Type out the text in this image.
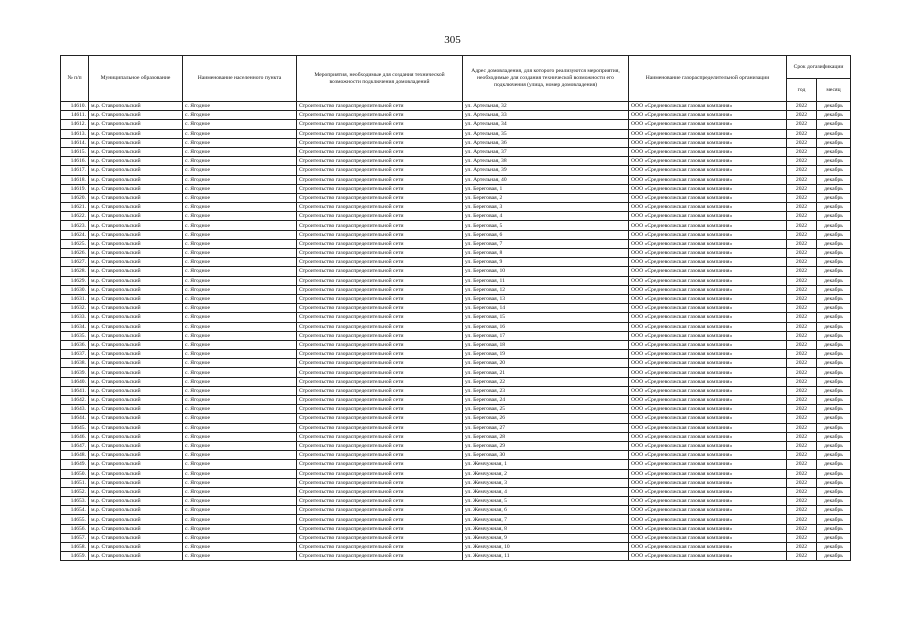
305
№ п/п	Муниципальное образование	Наименование населенного пункта	Мероприятия, необходимые для создания технической возможности подключения домовладений	Адрес домовладения, для которого реализуются мероприятия, необходимые для создания технической возможности его подключения (улица, номер домовладения)	Наименование газораспределительной организации	Срок догазификации	
						год	месяц
14610.	м.р. Ставропольский	с. Ягодное	Строительство газораспределительной сети	ул. Артельная, 32	ООО «Средневолжская газовая компания»	2022	декабрь
14611.	м.р. Ставропольский	с. Ягодное	Строительство газораспределительной сети	ул. Артельная, 33	ООО «Средневолжская газовая компания»	2022	декабрь
14612.	м.р. Ставропольский	с. Ягодное	Строительство газораспределительной сети	ул. Артельная, 34	ООО «Средневолжская газовая компания»	2022	декабрь
14613.	м.р. Ставропольский	с. Ягодное	Строительство газораспределительной сети	ул. Артельная, 35	ООО «Средневолжская газовая компания»	2022	декабрь
14614.	м.р. Ставропольский	с. Ягодное	Строительство газораспределительной сети	ул. Артельная, 36	ООО «Средневолжская газовая компания»	2022	декабрь
14615.	м.р. Ставропольский	с. Ягодное	Строительство газораспределительной сети	ул. Артельная, 37	ООО «Средневолжская газовая компания»	2022	декабрь
14616.	м.р. Ставропольский	с. Ягодное	Строительство газораспределительной сети	ул. Артельная, 38	ООО «Средневолжская газовая компания»	2022	декабрь
14617.	м.р. Ставропольский	с. Ягодное	Строительство газораспределительной сети	ул. Артельная, 39	ООО «Средневолжская газовая компания»	2022	декабрь
14618.	м.р. Ставропольский	с. Ягодное	Строительство газораспределительной сети	ул. Артельная, 40	ООО «Средневолжская газовая компания»	2022	декабрь
14619.	м.р. Ставропольский	с. Ягодное	Строительство газораспределительной сети	ул. Береговая, 1	ООО «Средневолжская газовая компания»	2022	декабрь
14620.	м.р. Ставропольский	с. Ягодное	Строительство газораспределительной сети	ул. Береговая, 2	ООО «Средневолжская газовая компания»	2022	декабрь
14621.	м.р. Ставропольский	с. Ягодное	Строительство газораспределительной сети	ул. Береговая, 3	ООО «Средневолжская газовая компания»	2022	декабрь
14622.	м.р. Ставропольский	с. Ягодное	Строительство газораспределительной сети	ул. Береговая, 4	ООО «Средневолжская газовая компания»	2022	декабрь
14623.	м.р. Ставропольский	с. Ягодное	Строительство газораспределительной сети	ул. Береговая, 5	ООО «Средневолжская газовая компания»	2022	декабрь
14624.	м.р. Ставропольский	с. Ягодное	Строительство газораспределительной сети	ул. Береговая, 6	ООО «Средневолжская газовая компания»	2022	декабрь
14625.	м.р. Ставропольский	с. Ягодное	Строительство газораспределительной сети	ул. Береговая, 7	ООО «Средневолжская газовая компания»	2022	декабрь
14626.	м.р. Ставропольский	с. Ягодное	Строительство газораспределительной сети	ул. Береговая, 8	ООО «Средневолжская газовая компания»	2022	декабрь
14627.	м.р. Ставропольский	с. Ягодное	Строительство газораспределительной сети	ул. Береговая, 9	ООО «Средневолжская газовая компания»	2022	декабрь
14628.	м.р. Ставропольский	с. Ягодное	Строительство газораспределительной сети	ул. Береговая, 10	ООО «Средневолжская газовая компания»	2022	декабрь
14629.	м.р. Ставропольский	с. Ягодное	Строительство газораспределительной сети	ул. Береговая, 11	ООО «Средневолжская газовая компания»	2022	декабрь
14630.	м.р. Ставропольский	с. Ягодное	Строительство газораспределительной сети	ул. Береговая, 12	ООО «Средневолжская газовая компания»	2022	декабрь
14631.	м.р. Ставропольский	с. Ягодное	Строительство газораспределительной сети	ул. Береговая, 13	ООО «Средневолжская газовая компания»	2022	декабрь
14632.	м.р. Ставропольский	с. Ягодное	Строительство газораспределительной сети	ул. Береговая, 14	ООО «Средневолжская газовая компания»	2022	декабрь
14633.	м.р. Ставропольский	с. Ягодное	Строительство газораспределительной сети	ул. Береговая, 15	ООО «Средневолжская газовая компания»	2022	декабрь
14634.	м.р. Ставропольский	с. Ягодное	Строительство газораспределительной сети	ул. Береговая, 16	ООО «Средневолжская газовая компания»	2022	декабрь
14635.	м.р. Ставропольский	с. Ягодное	Строительство газораспределительной сети	ул. Береговая, 17	ООО «Средневолжская газовая компания»	2022	декабрь
14636.	м.р. Ставропольский	с. Ягодное	Строительство газораспределительной сети	ул. Береговая, 18	ООО «Средневолжская газовая компания»	2022	декабрь
14637.	м.р. Ставропольский	с. Ягодное	Строительство газораспределительной сети	ул. Береговая, 19	ООО «Средневолжская газовая компания»	2022	декабрь
14638.	м.р. Ставропольский	с. Ягодное	Строительство газораспределительной сети	ул. Береговая, 20	ООО «Средневолжская газовая компания»	2022	декабрь
14639.	м.р. Ставропольский	с. Ягодное	Строительство газораспределительной сети	ул. Береговая, 21	ООО «Средневолжская газовая компания»	2022	декабрь
14640.	м.р. Ставропольский	с. Ягодное	Строительство газораспределительной сети	ул. Береговая, 22	ООО «Средневолжская газовая компания»	2022	декабрь
14641.	м.р. Ставропольский	с. Ягодное	Строительство газораспределительной сети	ул. Береговая, 23	ООО «Средневолжская газовая компания»	2022	декабрь
14642.	м.р. Ставропольский	с. Ягодное	Строительство газораспределительной сети	ул. Береговая, 24	ООО «Средневолжская газовая компания»	2022	декабрь
14643.	м.р. Ставропольский	с. Ягодное	Строительство газораспределительной сети	ул. Береговая, 25	ООО «Средневолжская газовая компания»	2022	декабрь
14644.	м.р. Ставропольский	с. Ягодное	Строительство газораспределительной сети	ул. Береговая, 26	ООО «Средневолжская газовая компания»	2022	декабрь
14645.	м.р. Ставропольский	с. Ягодное	Строительство газораспределительной сети	ул. Береговая, 27	ООО «Средневолжская газовая компания»	2022	декабрь
14646.	м.р. Ставропольский	с. Ягодное	Строительство газораспределительной сети	ул. Береговая, 28	ООО «Средневолжская газовая компания»	2022	декабрь
14647.	м.р. Ставропольский	с. Ягодное	Строительство газораспределительной сети	ул. Береговая, 29	ООО «Средневолжская газовая компания»	2022	декабрь
14648.	м.р. Ставропольский	с. Ягодное	Строительство газораспределительной сети	ул. Береговая, 30	ООО «Средневолжская газовая компания»	2022	декабрь
14649.	м.р. Ставропольский	с. Ягодное	Строительство газораспределительной сети	ул. Жемчужная, 1	ООО «Средневолжская газовая компания»	2022	декабрь
14650.	м.р. Ставропольский	с. Ягодное	Строительство газораспределительной сети	ул. Жемчужная, 2	ООО «Средневолжская газовая компания»	2022	декабрь
14651.	м.р. Ставропольский	с. Ягодное	Строительство газораспределительной сети	ул. Жемчужная, 3	ООО «Средневолжская газовая компания»	2022	декабрь
14652.	м.р. Ставропольский	с. Ягодное	Строительство газораспределительной сети	ул. Жемчужная, 4	ООО «Средневолжская газовая компания»	2022	декабрь
14653.	м.р. Ставропольский	с. Ягодное	Строительство газораспределительной сети	ул. Жемчужная, 5	ООО «Средневолжская газовая компания»	2022	декабрь
14654.	м.р. Ставропольский	с. Ягодное	Строительство газораспределительной сети	ул. Жемчужная, 6	ООО «Средневолжская газовая компания»	2022	декабрь
14655.	м.р. Ставропольский	с. Ягодное	Строительство газораспределительной сети	ул. Жемчужная, 7	ООО «Средневолжская газовая компания»	2022	декабрь
14656.	м.р. Ставропольский	с. Ягодное	Строительство газораспределительной сети	ул. Жемчужная, 8	ООО «Средневолжская газовая компания»	2022	декабрь
14657.	м.р. Ставропольский	с. Ягодное	Строительство газораспределительной сети	ул. Жемчужная, 9	ООО «Средневолжская газовая компания»	2022	декабрь
14658.	м.р. Ставропольский	с. Ягодное	Строительство газораспределительной сети	ул. Жемчужная, 10	ООО «Средневолжская газовая компания»	2022	декабрь
14659.	м.р. Ставропольский	с. Ягодное	Строительство газораспределительной сети	ул. Жемчужная, 11	ООО «Средневолжская газовая компания»	2022	декабрь
